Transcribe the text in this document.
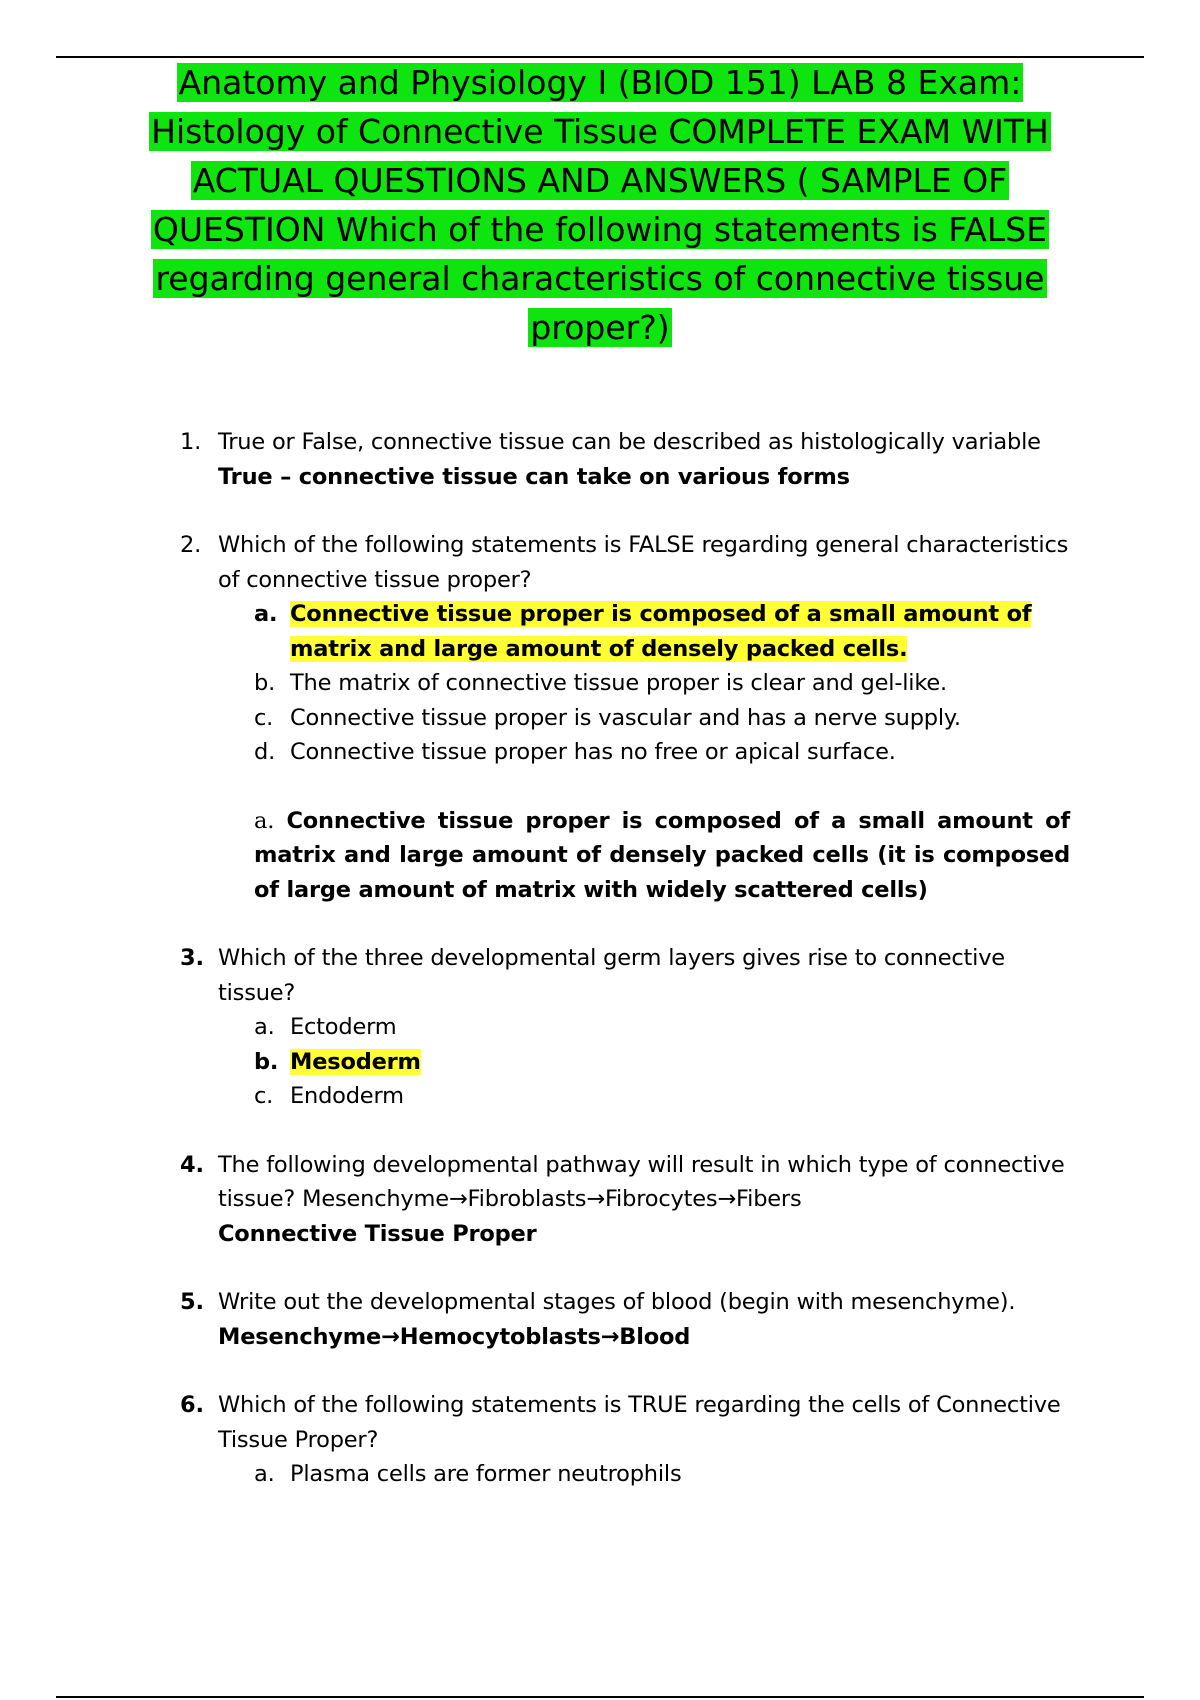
Anatomy and Physiology I (BIOD 151) LAB 8 Exam: Histology of Connective Tissue COMPLETE EXAM WITH ACTUAL QUESTIONS AND ANSWERS ( SAMPLE OF QUESTION Which of the following statements is FALSE regarding general characteristics of connective tissue proper?)
1. True or False, connective tissue can be described as histologically variable
True – connective tissue can take on various forms
2. Which of the following statements is FALSE regarding general characteristics of connective tissue proper?
a. Connective tissue proper is composed of a small amount of matrix and large amount of densely packed cells.
b. The matrix of connective tissue proper is clear and gel-like.
c. Connective tissue proper is vascular and has a nerve supply.
d. Connective tissue proper has no free or apical surface.
a. Connective tissue proper is composed of a small amount of matrix and large amount of densely packed cells (it is composed of large amount of matrix with widely scattered cells)
3. Which of the three developmental germ layers gives rise to connective tissue?
a. Ectoderm
b. Mesoderm
c. Endoderm
4. The following developmental pathway will result in which type of connective tissue? Mesenchyme→Fibroblasts→Fibrocytes→Fibers
Connective Tissue Proper
5. Write out the developmental stages of blood (begin with mesenchyme).
Mesenchyme→Hemocytoblasts→Blood
6. Which of the following statements is TRUE regarding the cells of Connective Tissue Proper?
a. Plasma cells are former neutrophils
